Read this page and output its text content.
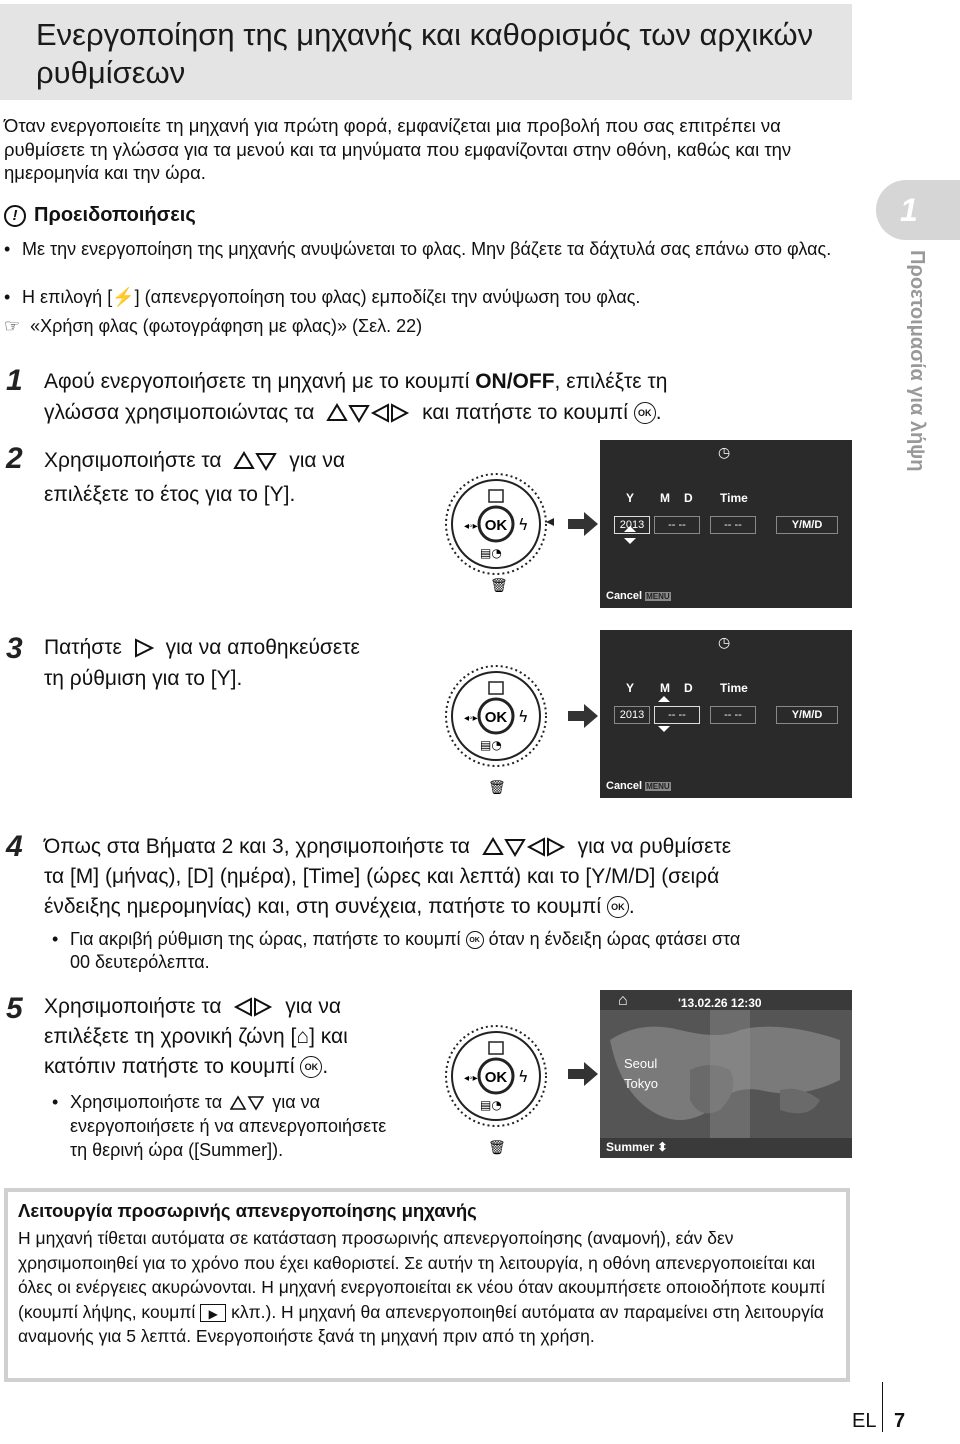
Ενεργοποίηση της μηχανής και καθορισμός των αρχικών ρυθμίσεων
Όταν ενεργοποιείτε τη μηχανή για πρώτη φορά, εμφανίζεται μια προβολή που σας επιτρέπει να ρυθμίσετε τη γλώσσα για τα μενού και τα μηνύματα που εμφανίζονται στην οθόνη, καθώς και την ημερομηνία και την ώρα.
! Προειδοποιήσεις
• Με την ενεργοποίηση της μηχανής ανυψώνεται το φλας. Μην βάζετε τα δάχτυλά σας επάνω στο φλας.
• Η επιλογή [⚡] (απενεργοποίηση του φλας) εμποδίζει την ανύψωση του φλας.
☞ «Χρήση φλας (φωτογράφηση με φλας)» (Σελ. 22)
1 Αφού ενεργοποιήσετε τη μηχανή με το κουμπί ON/OFF, επιλέξτε τη
γλώσσα χρησιμοποιώντας τα	και πατήστε το κουμπί OK .
2 Χρησιμοποιήστε τα	για να
επιλέξετε το έτος για το [Y].
OK
◂◦▸	ϟ
▤◔
🗑
◷
Y M D Time
2013	-- --	-- --	Y/M/D
Cancel MENU
3 Πατήστε για να αποθηκεύσετε
τη ρύθμιση για το [Y].
OK
◂◦▸	ϟ
▤◔
🗑
◷
Y M D Time
2013	-- --	-- --	Y/M/D
Cancel MENU
4 Όπως στα Βήματα 2 και 3, χρησιμοποιήστε τα	για να ρυθμίσετε
τα [M] (μήνας), [D] (ημέρα), [Time] (ώρες και λεπτά) και το [Y/M/D] (σειρά
ένδειξης ημερομηνίας) και, στη συνέχεια, πατήστε το κουμπί OK .
• Για ακριβή ρύθμιση της ώρας, πατήστε το κουμπί OK όταν η ένδειξη ώρας φτάσει στα
00 δευτερόλεπτα.
5 Χρησιμοποιήστε τα	για να
επιλέξετε τη χρονική ζώνη [⌂] και
κατόπιν πατήστε το κουμπί OK .
• Χρησιμοποιήστε τα	για να
ενεργοποιήσετε ή να απενεργοποιήσετε
τη θερινή ώρα ([Summer]).
OK
◂◦▸	ϟ
▤◔
🗑
⌂	'13.02.26 12:30
Seoul
Tokyo
Summer ⬍
1
Προετοιμασία για λήψη
Λειτουργία προσωρινής απενεργοποίησης μηχανής
Η μηχανή τίθεται αυτόματα σε κατάσταση προσωρινής απενεργοποίησης (αναμονή), εάν δεν χρησιμοποιηθεί για το χρόνο που έχει καθοριστεί. Σε αυτήν τη λειτουργία, η οθόνη απενεργοποιείται και όλες οι ενέργειες ακυρώνονται. Η μηχανή ενεργοποιείται εκ νέου όταν ακουμπήσετε οποιοδήποτε κουμπί (κουμπί λήψης, κουμπί ▶ κλπ.). Η μηχανή θα απενεργοποιηθεί αυτόματα αν παραμείνει στη λειτουργία αναμονής για 5 λεπτά. Ενεργοποιήστε ξανά τη μηχανή πριν από τη χρήση.
EL 7
